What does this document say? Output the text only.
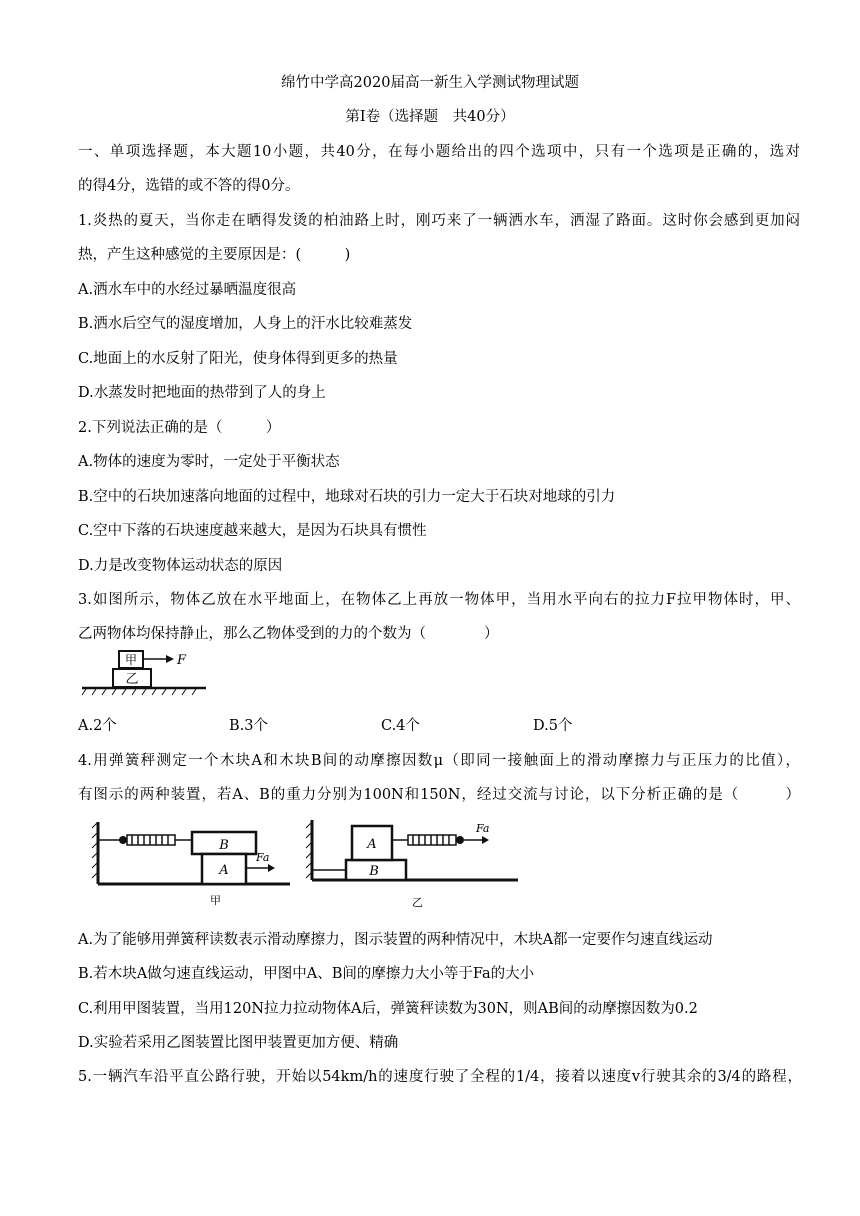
绵竹中学高2020届高一新生入学测试物理试题
第Ⅰ卷（选择题　共40分）
一、单项选择题，本大题10小题，共40分，在每小题给出的四个选项中，只有一个选项是正确的，选对
的得4分，选错的或不答的得0分。
1.炎热的夏天，当你走在晒得发烫的柏油路上时，刚巧来了一辆洒水车，洒湿了路面。这时你会感到更加闷
热，产生这种感觉的主要原因是：(　　　)
A.洒水车中的水经过暴晒温度很高
B.洒水后空气的湿度增加，人身上的汗水比较难蒸发
C.地面上的水反射了阳光，使身体得到更多的热量
D.水蒸发时把地面的热带到了人的身上
2.下列说法正确的是（　　　）
A.物体的速度为零时，一定处于平衡状态
B.空中的石块加速落向地面的过程中，地球对石块的引力一定大于石块对地球的引力
C.空中下落的石块速度越来越大，是因为石块具有惯性
D.力是改变物体运动状态的原因
3.如图所示，物体乙放在水平地面上，在物体乙上再放一物体甲，当用水平向右的拉力F拉甲物体时，甲、
乙两物体均保持静止，那么乙物体受到的力的个数为（　　　　）
乙
甲	F
A.2个	B.3个	C.4个	D.5个
4.用弹簧秤测定一个木块A和木块B间的动摩擦因数μ（即同一接触面上的滑动摩擦力与正压力的比值），
有图示的两种装置，若A、B的重力分别为100N和150N，经过交流与讨论，以下分析正确的是（　　　）
B
A
Fa
甲
B
A
Fa
乙
A.为了能够用弹簧秤读数表示滑动摩擦力，图示装置的两种情况中，木块A都一定要作匀速直线运动
B.若木块A做匀速直线运动，甲图中A、B间的摩擦力大小等于Fa的大小
C.利用甲图装置，当用120N拉力拉动物体A后，弹簧秤读数为30N，则AB间的动摩擦因数为0.2
D.实验若采用乙图装置比图甲装置更加方便、精确
5.一辆汽车沿平直公路行驶，开始以54km/h的速度行驶了全程的1/4，接着以速度v行驶其余的3/4的路程，
